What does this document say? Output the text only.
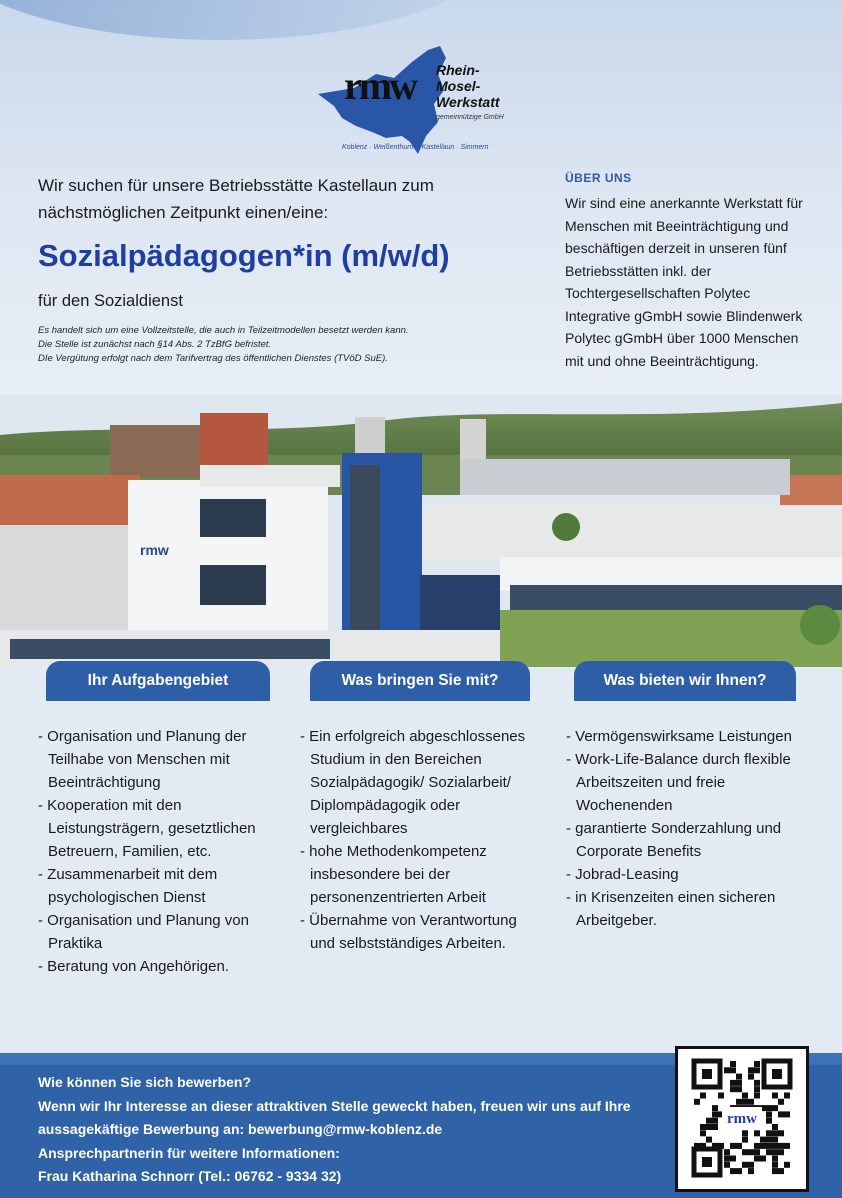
rmw Rhein-
Mosel-
Werkstatt
gemeinnützige GmbH
Koblenz · Weißenthurm · Kastellaun · Simmern
Wir suchen für unsere Betriebsstätte Kastellaun zum nächstmöglichen Zeitpunkt einen/eine:
Sozialpädagogen*in (m/w/d)
für den Sozialdienst
Es handelt sich um eine Vollzeitstelle, die auch in Teilzeitmodellen besetzt werden kann.
Die Stelle ist zunächst nach §14 Abs. 2 TzBfG befristet.
DIe Vergütung erfolgt nach dem Tarifvertrag des öffentlichen Dienstes (TVöD SuE).
ÜBER UNS
Wir sind eine anerkannte Werkstatt für Menschen mit Beeinträchtigung und beschäftigen derzeit in unseren fünf Betriebsstätten inkl. der Tochtergesellschaften Polytec Integrative gGmbH sowie Blindenwerk Polytec gGmbH über 1000 Menschen mit und ohne Beeinträchtigung.
rmw
Ihr Aufgabengebiet
- Organisation und Planung der Teilhabe von Menschen mit Beeinträchtigung
- Kooperation mit den Leistungsträgern, gesetztlichen Betreuern, Familien, etc.
- Zusammenarbeit mit dem psychologischen Dienst
- Organisation und Planung von Praktika
- Beratung von Angehörigen.
Was bringen Sie mit?
- Ein erfolgreich abgeschlossenes Studium in den Bereichen Sozialpädagogik/ Sozialarbeit/ Diplompädagogik oder vergleichbares
- hohe Methodenkompetenz insbesondere bei der personenzentrierten Arbeit
- Übernahme von Verantwortung und selbstständiges Arbeiten.
Was bieten wir Ihnen?
- Vermögenswirksame Leistungen
- Work-Life-Balance durch flexible Arbeitszeiten und freie Wochenenden
- garantierte Sonderzahlung und Corporate Benefits
- Jobrad-Leasing
- in Krisenzeiten einen sicheren Arbeitgeber.
Wie können Sie sich bewerben?
Wenn wir Ihr Interesse an dieser attraktiven Stelle geweckt haben, freuen wir uns auf Ihre aussagekäftige Bewerbung an: bewerbung@rmw-koblenz.de
Ansprechpartnerin für weitere Informationen:
Frau Katharina Schnorr (Tel.: 06762 - 9334 32)
rmw
